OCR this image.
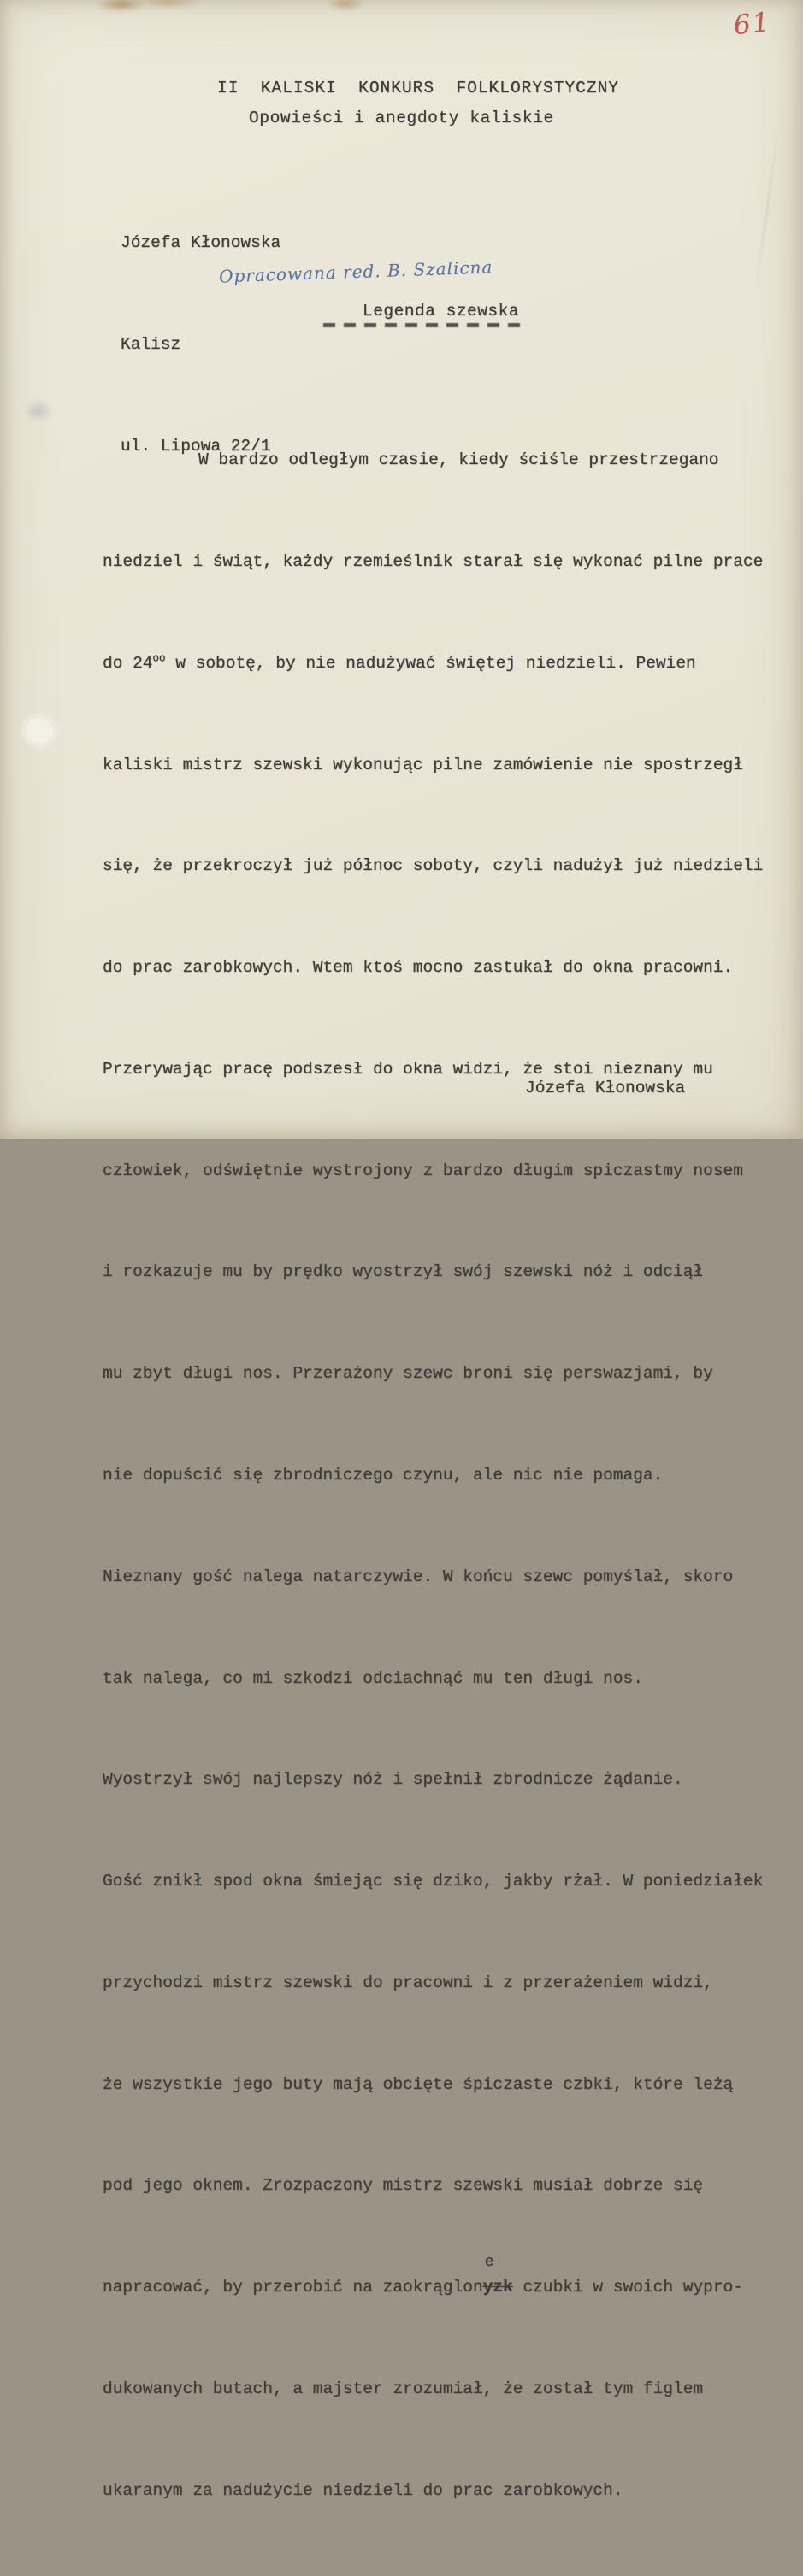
61
II  KALISKI  KONKURS  FOLKLORYSTYCZNY
Opowieści i anegdoty kaliskie

Józefa Kłonowska

Kalisz

ul. Lipowa 22/1

Opracowana red. B. Szalicna
Legenda szewska

W bardzo odległym czasie, kiedy ściśle przestrzegano

niedziel i świąt, każdy rzemieślnik starał się wykonać pilne prace

do $24^{oo}$ w sobotę, by nie nadużywać świętej niedzieli. Pewien

kaliski mistrz szewski wykonując pilne zamówienie nie spostrzegł

się, że przekroczył już północ soboty, czyli nadużył już niedzieli

do prac zarobkowych. Wtem ktoś mocno zastukał do okna pracowni.

Przerywając pracę podszesł do okna widzi, że stoi nieznany mu

człowiek, odświętnie wystrojony z bardzo długim spiczastmy nosem

i rozkazuje mu by prędko wyostrzył swój szewski nóż i odciął

mu zbyt długi nos. Przerażony szewc broni się perswazjami, by

nie dopuścić się zbrodniczego czynu, ale nic nie pomaga.

Nieznany gość nalega natarczywie. W końcu szewc pomyślał, skoro

tak nalega, co mi szkodzi odciachnąć mu ten długi nos.

Wyostrzył swój najlepszy nóż i spełnił zbrodnicze żądanie.

Gość znikł spod okna śmiejąc się dziko, jakby rżał. W poniedziałek

przychodzi mistrz szewski do pracowni i z przerażeniem widzi,

że wszystkie jego buty mają obcięte śpiczaste czbki, które leżą

pod jego oknem. Zrozpaczony mistrz szewski musiał dobrze się

napracować, by przerobić na zaokrąglon
e
yzk czubki w swoich wypro-

dukowanych butach, a majster zrozumiał, że został tym figlem

ukaranym za nadużycie niedzieli do prac zarobkowych.

Józefa Kłonowska
